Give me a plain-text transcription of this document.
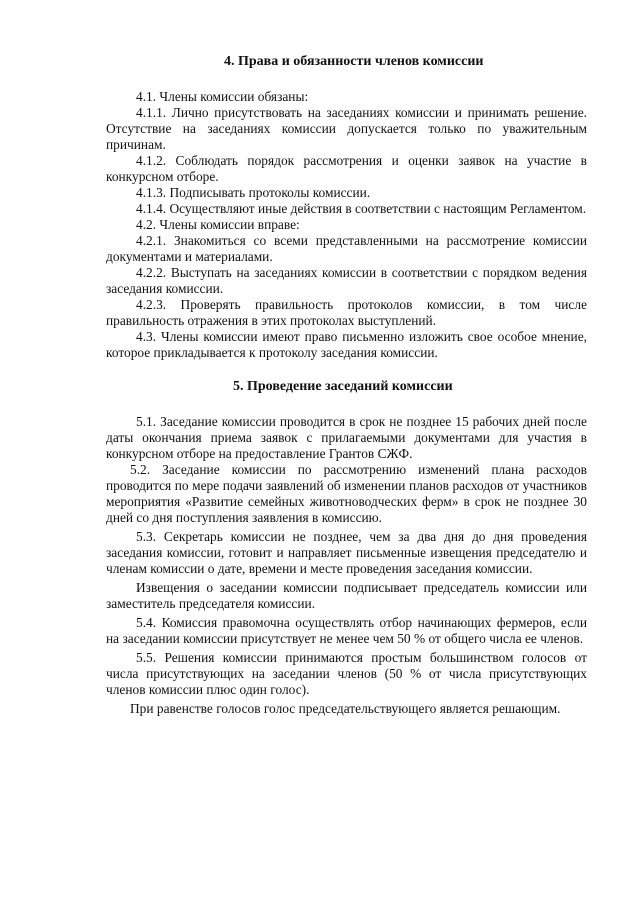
4. Права и обязанности членов комиссии

4.1. Члены комиссии обязаны:

4.1.1. Лично присутствовать на заседаниях комиссии и принимать решение. Отсутствие на заседаниях комиссии допускается только по уважительным причинам.

4.1.2. Соблюдать порядок рассмотрения и оценки заявок на участие в конкурсном отборе.

4.1.3. Подписывать протоколы комиссии.

4.1.4. Осуществляют иные действия в соответствии с настоящим Регламентом.

4.2. Члены комиссии вправе:

4.2.1. Знакомиться со всеми представленными на рассмотрение комиссии документами и материалами.

4.2.2. Выступать на заседаниях комиссии в соответствии с порядком ведения заседания комиссии.

4.2.3. Проверять правильность протоколов комиссии, в том числе правильность отражения в этих протоколах выступлений.

4.3. Члены комиссии имеют право письменно изложить свое особое мнение, которое прикладывается к протоколу заседания комиссии.

5. Проведение заседаний комиссии

5.1. Заседание комиссии проводится в срок не позднее 15 рабочих дней после даты окончания приема заявок с прилагаемыми документами для участия в конкурсном отборе на предоставление Грантов СЖФ.

5.2. Заседание комиссии по рассмотрению изменений плана расходов проводится по мере подачи заявлений об изменении планов расходов от участников мероприятия «Развитие семейных животноводческих ферм» в срок не позднее 30 дней со дня поступления заявления в комиссию.

5.3. Секретарь комиссии не позднее, чем за два дня до дня проведения заседания комиссии, готовит и направляет письменные извещения председателю и членам комиссии о дате, времени и месте проведения заседания комиссии.

Извещения о заседании комиссии подписывает председатель комиссии или заместитель председателя комиссии.

5.4. Комиссия правомочна осуществлять отбор начинающих фермеров, если на заседании комиссии присутствует не менее чем 50 % от общего числа ее членов.

5.5. Решения комиссии принимаются простым большинством голосов от числа присутствующих на заседании членов (50 % от числа присутствующих членов комиссии плюс один голос).

При равенстве голосов голос председательствующего является решающим.
